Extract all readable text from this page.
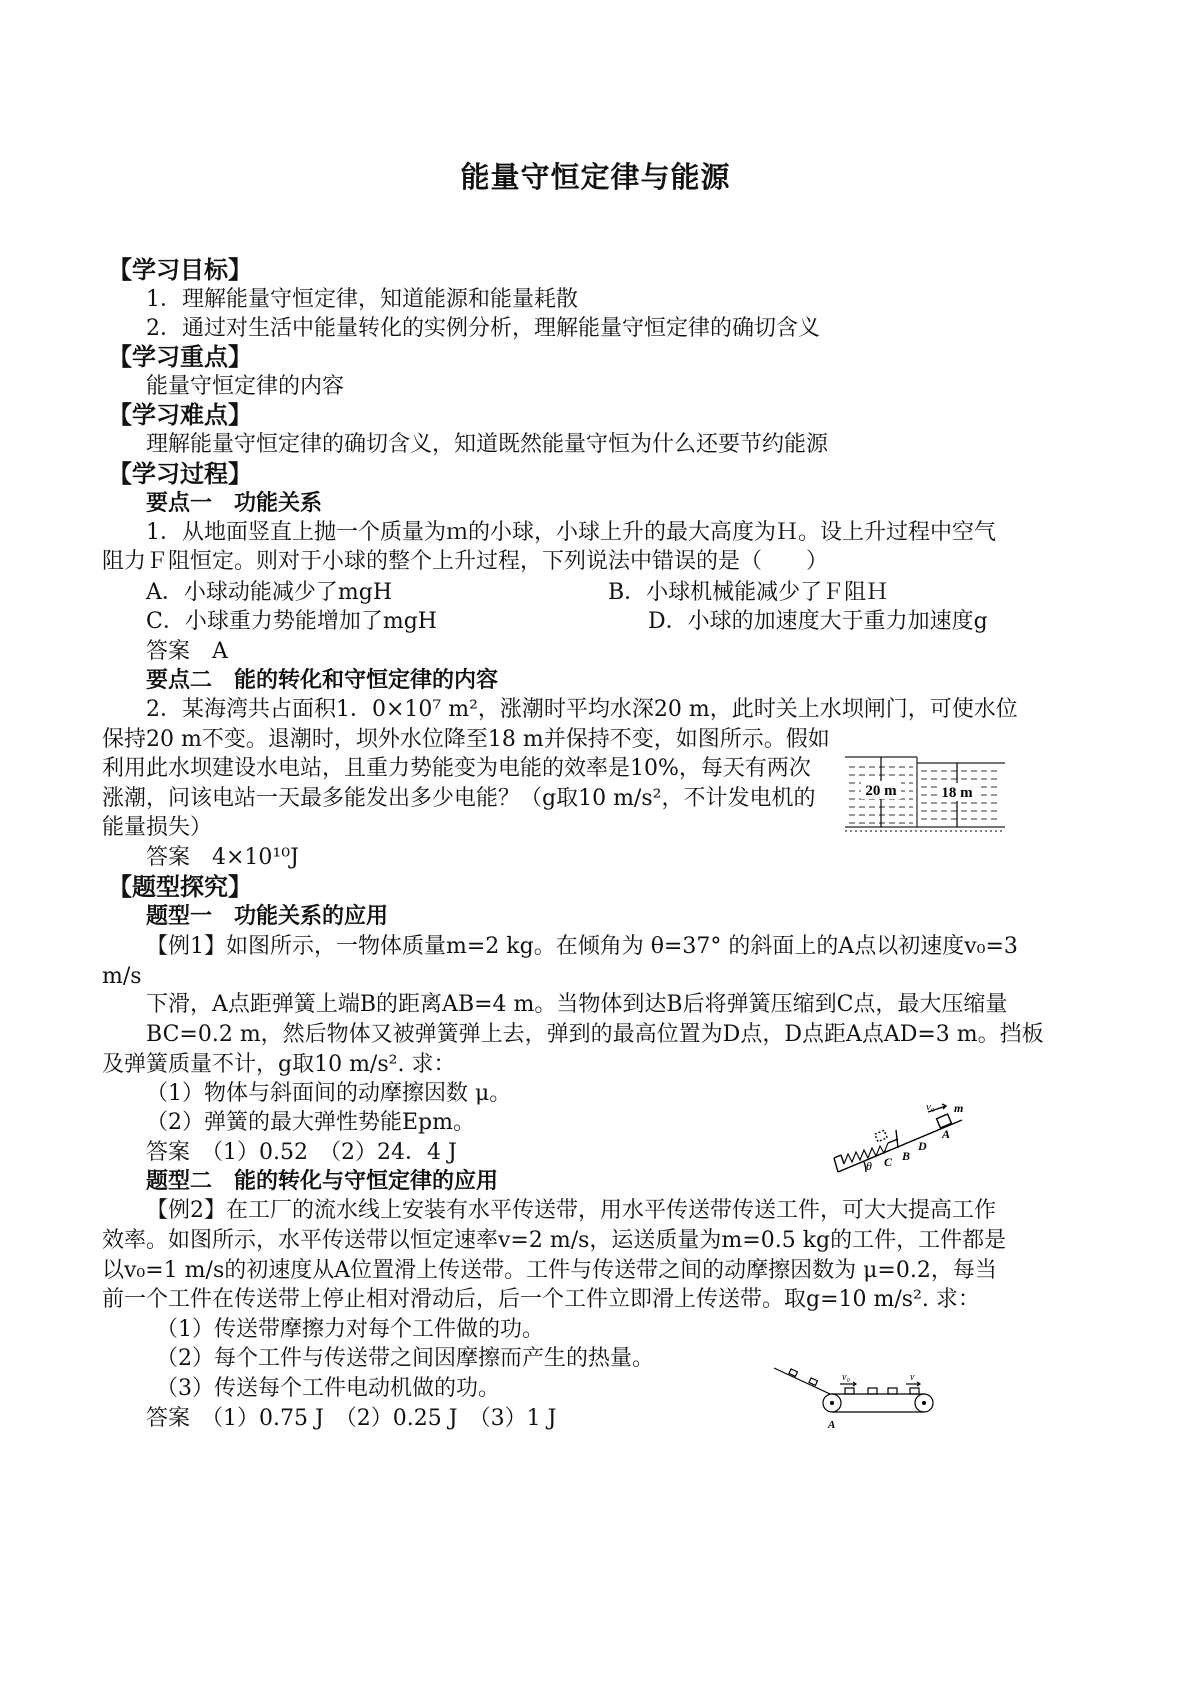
能量守恒定律与能源
【学习目标】
1．理解能量守恒定律，知道能源和能量耗散
2．通过对生活中能量转化的实例分析，理解能量守恒定律的确切含义
【学习重点】
能量守恒定律的内容
【学习难点】
理解能量守恒定律的确切含义，知道既然能量守恒为什么还要节约能源
【学习过程】
要点一　功能关系
1．从地面竖直上抛一个质量为ｍ的小球，小球上升的最大高度为Ｈ。设上升过程中空气
阻力Ｆ阻恒定。则对于小球的整个上升过程，下列说法中错误的是（　　）
A．小球动能减少了mgH	B．小球机械能减少了Ｆ阻Ｈ
C．小球重力势能增加了mgH	D．小球的加速度大于重力加速度g
答案　A
要点二　能的转化和守恒定律的内容
2．某海湾共占面积1．0×10⁷ m²，涨潮时平均水深20 m，此时关上水坝闸门，可使水位
保持20 m不变。退潮时，坝外水位降至18 m并保持不变，如图所示。假如
利用此水坝建设水电站，且重力势能变为电能的效率是10%，每天有两次
涨潮，问该电站一天最多能发出多少电能？（g取10 m/s²，不计发电机的
能量损失）
答案　4×10¹⁰J
【题型探究】
题型一　功能关系的应用
【例1】如图所示，一物体质量m=2 kg。在倾角为 θ=37° 的斜面上的A点以初速度v₀=3
m/s
下滑，A点距弹簧上端B的距离AB=4 m。当物体到达B后将弹簧压缩到C点，最大压缩量
BC=0.2 m，然后物体又被弹簧弹上去，弹到的最高位置为D点，D点距A点AD=3 m。挡板
及弹簧质量不计，g取10 m/s². 求：
（1）物体与斜面间的动摩擦因数 μ。
（2）弹簧的最大弹性势能Epm。
答案　（1）0.52　（2）24．4 J
题型二　能的转化与守恒定律的应用
【例2】在工厂的流水线上安装有水平传送带，用水平传送带传送工件，可大大提高工作
效率。如图所示，水平传送带以恒定速率v=2 m/s，运送质量为m=0.5 kg的工件，工件都是
以v₀=1 m/s的初速度从A位置滑上传送带。工件与传送带之间的动摩擦因数为 μ=0.2，每当
前一个工件在传送带上停止相对滑动后，后一个工件立即滑上传送带。取g=10 m/s². 求：
（1）传送带摩擦力对每个工件做的功。
（2）每个工件与传送带之间因摩擦而产生的热量。
（3）传送每个工件电动机做的功。
答案　（1）0.75 J　（2）0.25 J　（3）1 J
20 m	18 m
v₀ m
A
D
B
C
θ
v₀	v
A
